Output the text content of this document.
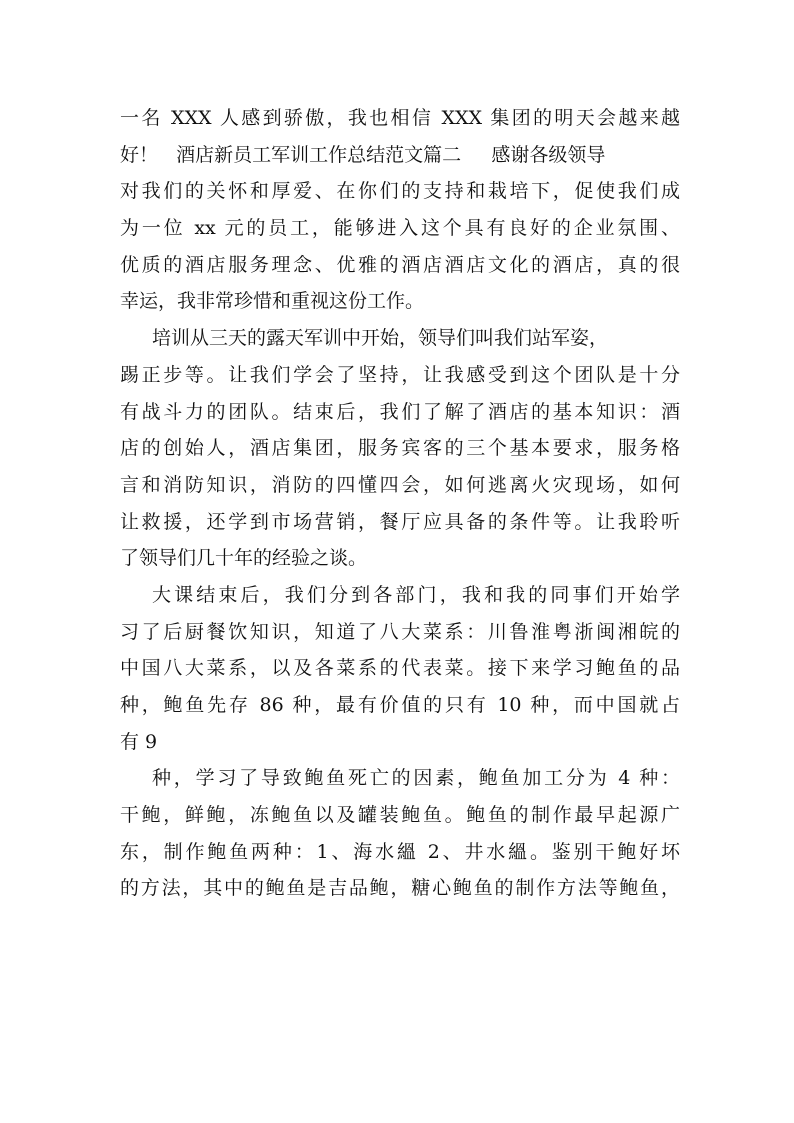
一名 XXX 人感到骄傲，我也相信 XXX 集团的明天会越来越
好！   酒店新员工军训工作总结范文篇二     感谢各级领导
对我们的关怀和厚爱、在你们的支持和栽培下，促使我们成
为一位 xx 元的员工，能够进入这个具有良好的企业氛围、
优质的酒店服务理念、优雅的酒店酒店文化的酒店，真的很
幸运，我非常珍惜和重视这份工作。
培训从三天的露天军训中开始，领导们叫我们站军姿，
踢正步等。让我们学会了坚持，让我感受到这个团队是十分
有战斗力的团队。结束后，我们了解了酒店的基本知识：酒
店的创始人，酒店集团，服务宾客的三个基本要求，服务格
言和消防知识，消防的四懂四会，如何逃离火灾现场，如何
让救援，还学到市场营销，餐厅应具备的条件等。让我聆听
了领导们几十年的经验之谈。
大课结束后，我们分到各部门，我和我的同事们开始学
习了后厨餐饮知识，知道了八大菜系：川鲁淮粤浙闽湘皖的
中国八大菜系，以及各菜系的代表菜。接下来学习鲍鱼的品
种，鲍鱼先存 86 种，最有价值的只有 10 种，而中国就占
有 9
种，学习了导致鲍鱼死亡的因素，鲍鱼加工分为 4 种：
干鲍，鲜鲍，冻鲍鱼以及罐装鲍鱼。鲍鱼的制作最早起源广
东，制作鲍鱼两种：1、海水縕 2、井水縕。鉴别干鲍好坏
的方法，其中的鲍鱼是吉品鲍，糖心鲍鱼的制作方法等鲍鱼，
